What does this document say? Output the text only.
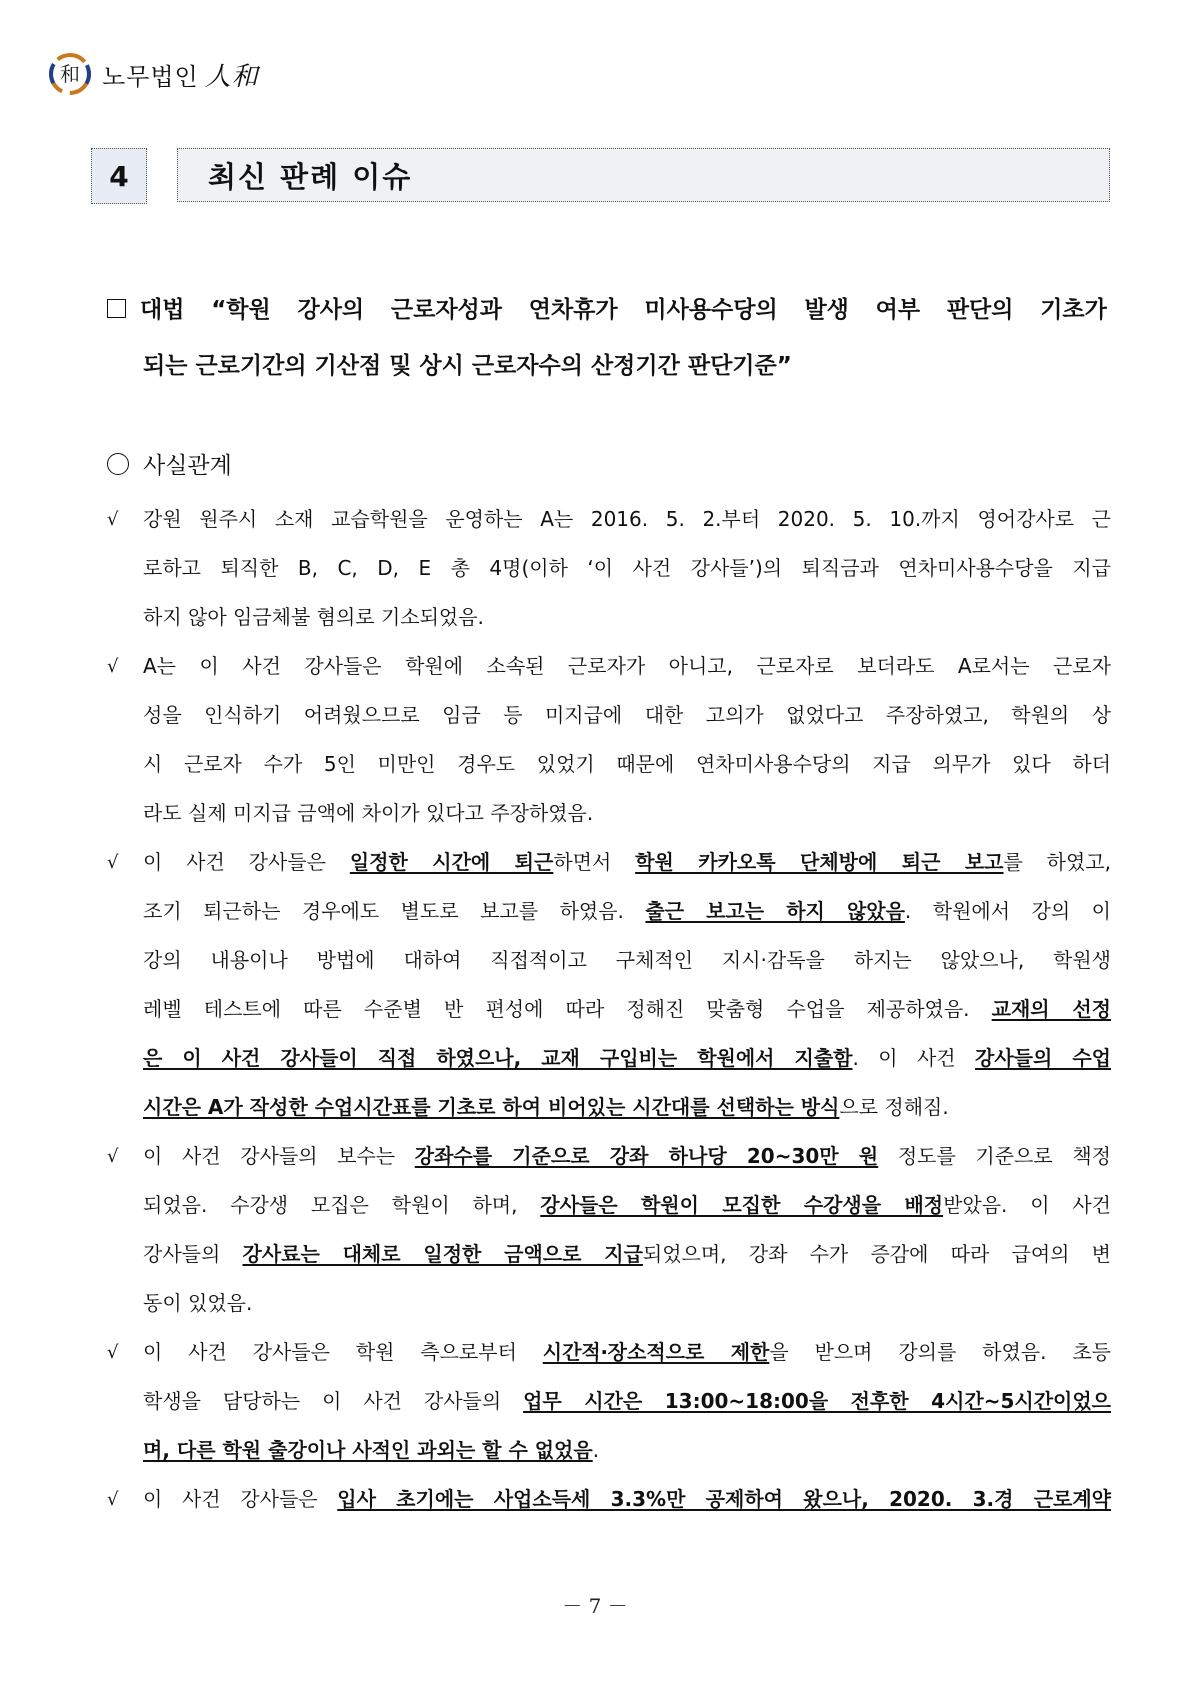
和 노무법인 人和
4	최신 판례 이슈
대법 “학원 강사의 근로자성과 연차휴가 미사용수당의 발생 여부 판단의 기초가
되는 근로기간의 기산점 및 상시 근로자수의 산정기간 판단기준”
사실관계
√ 강원 원주시 소재 교습학원을 운영하는 A는 2016. 5. 2.부터 2020. 5. 10.까지 영어강사로 근
로하고 퇴직한 B, C, D, E 총 4명(이하 ‘이 사건 강사들’)의 퇴직금과 연차미사용수당을 지급
하지 않아 임금체불 혐의로 기소되었음.
√ A는 이 사건 강사들은 학원에 소속된 근로자가 아니고, 근로자로 보더라도 A로서는 근로자
성을 인식하기 어려웠으므로 임금 등 미지급에 대한 고의가 없었다고 주장하였고, 학원의 상
시 근로자 수가 5인 미만인 경우도 있었기 때문에 연차미사용수당의 지급 의무가 있다 하더
라도 실제 미지급 금액에 차이가 있다고 주장하였음.
√ 이 사건 강사들은 일정한 시간에 퇴근하면서 학원 카카오톡 단체방에 퇴근 보고를 하였고,
조기 퇴근하는 경우에도 별도로 보고를 하였음. 출근 보고는 하지 않았음. 학원에서 강의 이
강의 내용이나 방법에 대하여 직접적이고 구체적인 지시‧감독을 하지는 않았으나, 학원생
레벨 테스트에 따른 수준별 반 편성에 따라 정해진 맞춤형 수업을 제공하였음. 교재의 선정
은 이 사건 강사들이 직접 하였으나, 교재 구입비는 학원에서 지출함. 이 사건 강사들의 수업
시간은 A가 작성한 수업시간표를 기초로 하여 비어있는 시간대를 선택하는 방식으로 정해짐.
√ 이 사건 강사들의 보수는 강좌수를 기준으로 강좌 하나당 20~30만 원 정도를 기준으로 책정
되었음. 수강생 모집은 학원이 하며, 강사들은 학원이 모집한 수강생을 배정받았음. 이 사건
강사들의 강사료는 대체로 일정한 금액으로 지급되었으며, 강좌 수가 증감에 따라 급여의 변
동이 있었음.
√ 이 사건 강사들은 학원 측으로부터 시간적‧장소적으로 제한을 받으며 강의를 하였음. 초등
학생을 담당하는 이 사건 강사들의 업무 시간은 13:00~18:00을 전후한 4시간~5시간이었으
며, 다른 학원 출강이나 사적인 과외는 할 수 없었음.
√ 이 사건 강사들은 입사 초기에는 사업소득세 3.3%만 공제하여 왔으나, 2020. 3.경 근로계약
－ 7 －
